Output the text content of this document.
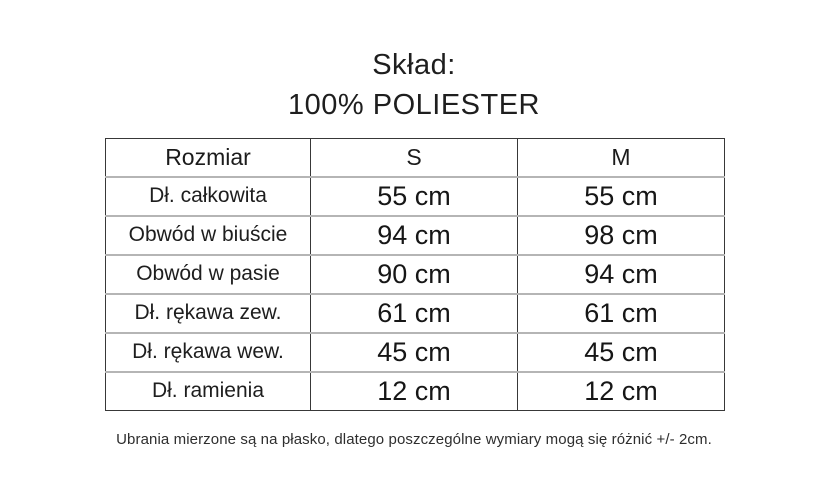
Skład:
100% POLIESTER
Rozmiar	S	M
Dł. całkowita	55 cm	55 cm
Obwód w biuście	94 cm	98 cm
Obwód w pasie	90 cm	94 cm
Dł. rękawa zew.	61 cm	61 cm
Dł. rękawa wew.	45 cm	45 cm
Dł. ramienia	12 cm	12 cm
Ubrania mierzone są na płasko, dlatego poszczególne wymiary mogą się różnić +/- 2cm.
